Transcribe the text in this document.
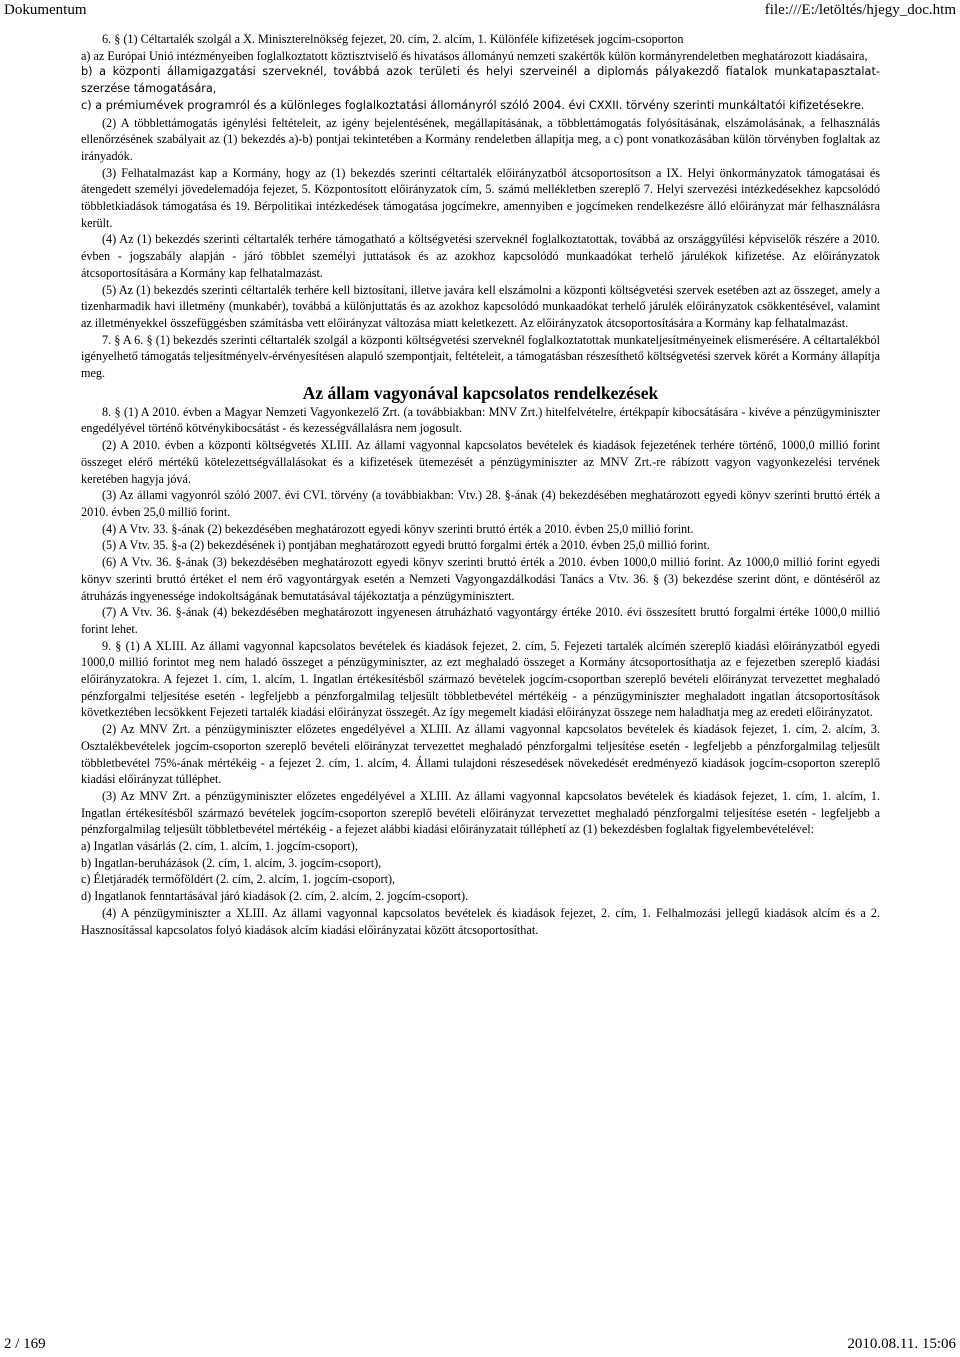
Dokumentum	file:///E:/letöltés/hjegy_doc.htm

6. § (1) Céltartalék szolgál a X. Miniszterelnökség fejezet, 20. cím, 2. alcím, 1. Különféle kifizetések jogcím-csoporton

a) az Európai Unió intézményeiben foglalkoztatott köztisztviselő és hivatásos állományú nemzeti szakértők külön kormányrendeletben meghatározott kiadásaira,

b) a központi államigazgatási szerveknél, továbbá azok területi és helyi szerveinél a diplomás pályakezdő fiatalok munkatapasztalat-szerzése támogatására,

c) a prémiumévek programról és a különleges foglalkoztatási állományról szóló 2004. évi CXXII. törvény szerinti munkáltatói kifizetésekre.

(2) A többlettámogatás igénylési feltételeit, az igény bejelentésének, megállapításának, a többlettámogatás folyósításának, elszámolásának, a felhasználás ellenőrzésének szabályait az (1) bekezdés a)-b) pontjai tekintetében a Kormány rendeletben állapítja meg, a c) pont vonatkozásában külön törvényben foglaltak az irányadók.

(3) Felhatalmazást kap a Kormány, hogy az (1) bekezdés szerinti céltartalék előirányzatból átcsoportosítson a IX. Helyi önkormányzatok támogatásai és átengedett személyi jövedelemadója fejezet, 5. Központosított előirányzatok cím, 5. számú mellékletben szereplő 7. Helyi szervezési intézkedésekhez kapcsolódó többletkiadások támogatása és 19. Bérpolitikai intézkedések támogatása jogcímekre, amennyiben e jogcímeken rendelkezésre álló előirányzat már felhasználásra került.

(4) Az (1) bekezdés szerinti céltartalék terhére támogatható a költségvetési szerveknél foglalkoztatottak, továbbá az országgyűlési képviselők részére a 2010. évben - jogszabály alapján - járó többlet személyi juttatások és az azokhoz kapcsolódó munkaadókat terhelő járulékok kifizetése. Az előirányzatok átcsoportosítására a Kormány kap felhatalmazást.

(5) Az (1) bekezdés szerinti céltartalék terhére kell biztosítani, illetve javára kell elszámolni a központi költségvetési szervek esetében azt az összeget, amely a tizenharmadik havi illetmény (munkabér), továbbá a különjuttatás és az azokhoz kapcsolódó munkaadókat terhelő járulék előirányzatok csökkentésével, valamint az illetményekkel összefüggésben számításba vett előirányzat változása miatt keletkezett. Az előirányzatok átcsoportosítására a Kormány kap felhatalmazást.

7. § A 6. § (1) bekezdés szerinti céltartalék szolgál a központi költségvetési szerveknél foglalkoztatottak munkateljesítményeinek elismerésére. A céltartalékból igényelhető támogatás teljesítményelv-érvényesítésen alapuló szempontjait, feltételeit, a támogatásban részesíthető költségvetési szervek körét a Kormány állapítja meg.

Az állam vagyonával kapcsolatos rendelkezések

8. § (1) A 2010. évben a Magyar Nemzeti Vagyonkezelő Zrt. (a továbbiakban: MNV Zrt.) hitelfelvételre, értékpapír kibocsátására - kivéve a pénzügyminiszter engedélyével történő kötvénykibocsátást - és kezességvállalásra nem jogosult.

(2) A 2010. évben a központi költségvetés XLIII. Az állami vagyonnal kapcsolatos bevételek és kiadások fejezetének terhére történő, 1000,0 millió forint összeget elérő mértékű kötelezettségvállalásokat és a kifizetések ütemezését a pénzügyminiszter az MNV Zrt.-re rábízott vagyon vagyonkezelési tervének keretében hagyja jóvá.

(3) Az állami vagyonról szóló 2007. évi CVI. törvény (a továbbiakban: Vtv.) 28. §-ának (4) bekezdésében meghatározott egyedi könyv szerinti bruttó érték a 2010. évben 25,0 millió forint.

(4) A Vtv. 33. §-ának (2) bekezdésében meghatározott egyedi könyv szerinti bruttó érték a 2010. évben 25,0 millió forint.

(5) A Vtv. 35. §-a (2) bekezdésének i) pontjában meghatározott egyedi bruttó forgalmi érték a 2010. évben 25,0 millió forint.

(6) A Vtv. 36. §-ának (3) bekezdésében meghatározott egyedi könyv szerinti bruttó érték a 2010. évben 1000,0 millió forint. Az 1000,0 millió forint egyedi könyv szerinti bruttó értéket el nem érő vagyontárgyak esetén a Nemzeti Vagyongazdálkodási Tanács a Vtv. 36. § (3) bekezdése szerint dönt, e döntéséről az átruházás ingyenessége indokoltságának bemutatásával tájékoztatja a pénzügyminisztert.

(7) A Vtv. 36. §-ának (4) bekezdésében meghatározott ingyenesen átruházható vagyontárgy értéke 2010. évi összesített bruttó forgalmi értéke 1000,0 millió forint lehet.

9. § (1) A XLIII. Az állami vagyonnal kapcsolatos bevételek és kiadások fejezet, 2. cím, 5. Fejezeti tartalék alcímén szereplő kiadási előirányzatból egyedi 1000,0 millió forintot meg nem haladó összeget a pénzügyminiszter, az ezt meghaladó összeget a Kormány átcsoportosíthatja az e fejezetben szereplő kiadási előirányzatokra. A fejezet 1. cím, 1. alcím, 1. Ingatlan értékesítésből származó bevételek jogcím-csoportban szereplő bevételi előirányzat tervezettet meghaladó pénzforgalmi teljesítése esetén - legfeljebb a pénzforgalmilag teljesült többletbevétel mértékéig - a pénzügyminiszter meghaladott ingatlan átcsoportosítások következtében lecsökkent Fejezeti tartalék kiadási előirányzat összegét. Az így megemelt kiadási előirányzat összege nem haladhatja meg az eredeti előirányzatot.

(2) Az MNV Zrt. a pénzügyminiszter előzetes engedélyével a XLIII. Az állami vagyonnal kapcsolatos bevételek és kiadások fejezet, 1. cím, 2. alcím, 3. Osztalékbevételek jogcím-csoporton szereplő bevételi előirányzat tervezettet meghaladó pénzforgalmi teljesítése esetén - legfeljebb a pénzforgalmilag teljesült többletbevétel 75%-ának mértékéig - a fejezet 2. cím, 1. alcím, 4. Állami tulajdoni részesedések növekedését eredményező kiadások jogcím-csoporton szereplő kiadási előirányzat túlléphet.

(3) Az MNV Zrt. a pénzügyminiszter előzetes engedélyével a XLIII. Az állami vagyonnal kapcsolatos bevételek és kiadások fejezet, 1. cím, 1. alcím, 1. Ingatlan értékesítésből származó bevételek jogcím-csoporton szereplő bevételi előirányzat tervezettet meghaladó pénzforgalmi teljesítése esetén - legfeljebb a pénzforgalmilag teljesült többletbevétel mértékéig - a fejezet alábbi kiadási előirányzatait túlléphetí az (1) bekezdésben foglaltak figyelembevételével:

a) Ingatlan vásárlás (2. cím, 1. alcím, 1. jogcím-csoport),

b) Ingatlan-beruházások (2. cím, 1. alcím, 3. jogcím-csoport),

c) Életjáradék termőföldért (2. cím, 2. alcím, 1. jogcím-csoport),

d) Ingatlanok fenntartásával járó kiadások (2. cím, 2. alcím, 2. jogcím-csoport).

(4) A pénzügyminiszter a XLIII. Az állami vagyonnal kapcsolatos bevételek és kiadások fejezet, 2. cím, 1. Felhalmozási jellegű kiadások alcím és a 2. Hasznosítással kapcsolatos folyó kiadások alcím kiadási előirányzatai között átcsoportosíthat.

2 / 169	2010.08.11. 15:06
